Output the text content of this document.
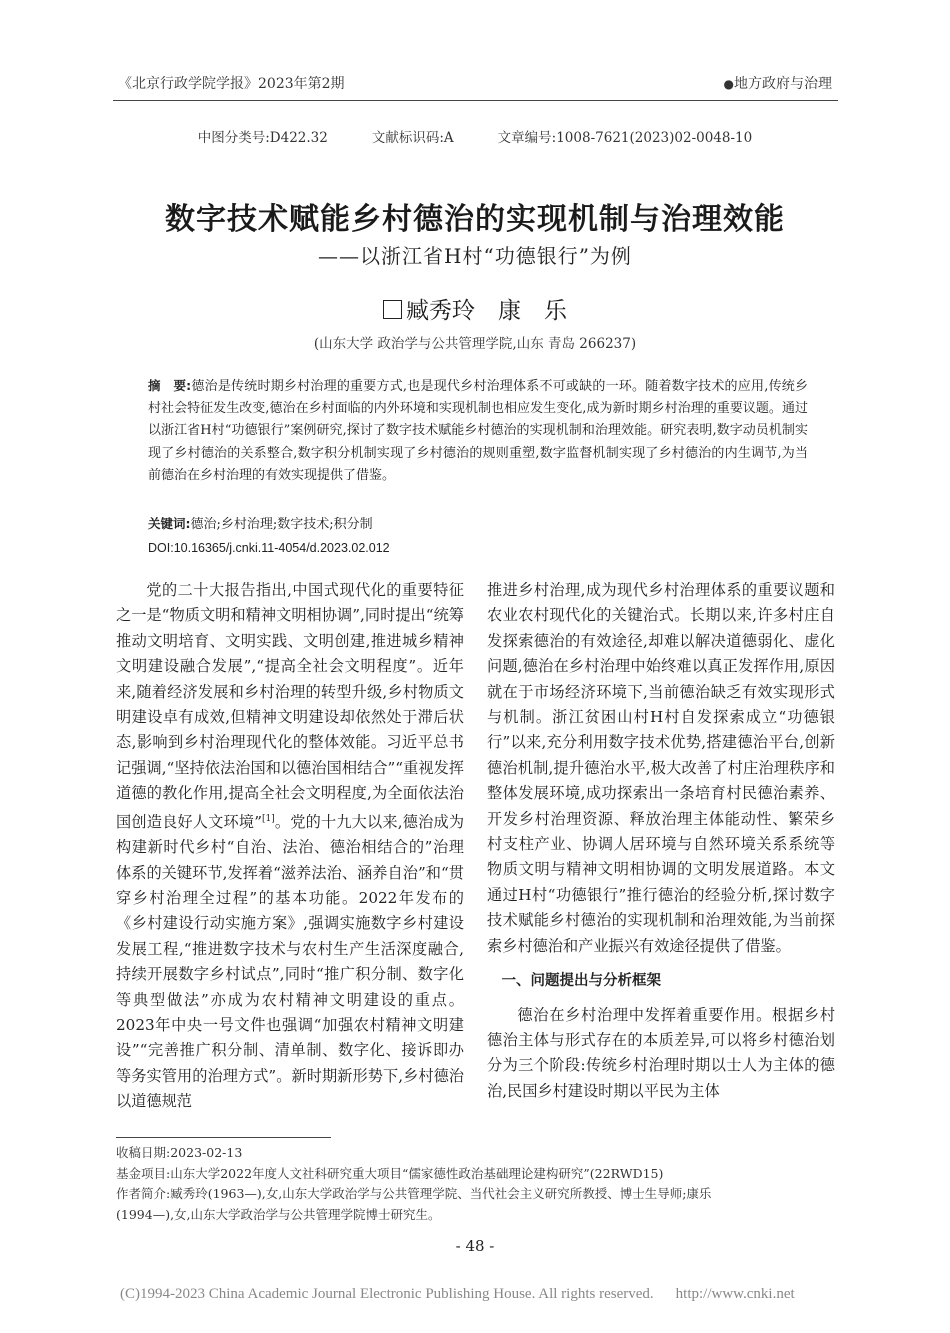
《北京行政学院学报》2023年第2期	●地方政府与治理
中图分类号:D422.32	文献标识码:A	文章编号:1008-7621(2023)02-0048-10
数字技术赋能乡村德治的实现机制与治理效能
——以浙江省H村“功德银行”为例
臧秀玲　康　乐
(山东大学 政治学与公共管理学院,山东 青岛 266237)
摘　要:德治是传统时期乡村治理的重要方式,也是现代乡村治理体系不可或缺的一环。随着数字技术的应用,传统乡村社会特征发生改变,德治在乡村面临的内外环境和实现机制也相应发生变化,成为新时期乡村治理的重要议题。通过以浙江省H村“功德银行”案例研究,探讨了数字技术赋能乡村德治的实现机制和治理效能。研究表明,数字动员机制实现了乡村德治的关系整合,数字积分机制实现了乡村德治的规则重塑,数字监督机制实现了乡村德治的内生调节,为当前德治在乡村治理的有效实现提供了借鉴。
关键词:德治;乡村治理;数字技术;积分制
DOI:10.16365/j.cnki.11-4054/d.2023.02.012

党的二十大报告指出,中国式现代化的重要特征之一是“物质文明和精神文明相协调”,同时提出“统筹推动文明培育、文明实践、文明创建,推进城乡精神文明建设融合发展”,“提高全社会文明程度”。近年来,随着经济发展和乡村治理的转型升级,乡村物质文明建设卓有成效,但精神文明建设却依然处于滞后状态,影响到乡村治理现代化的整体效能。习近平总书记强调,“坚持依法治国和以德治国相结合”“重视发挥道德的教化作用,提高全社会文明程度,为全面依法治国创造良好人文环境”[1]。党的十九大以来,德治成为构建新时代乡村“自治、法治、德治相结合的”治理体系的关键环节,发挥着“滋养法治、涵养自治”和“贯穿乡村治理全过程”的基本功能。2022年发布的《乡村建设行动实施方案》,强调实施数字乡村建设发展工程,“推进数字技术与农村生产生活深度融合,持续开展数字乡村试点”,同时“推广积分制、数字化等典型做法”亦成为农村精神文明建设的重点。2023年中央一号文件也强调“加强农村精神文明建设”“完善推广积分制、清单制、数字化、接诉即办等务实管用的治理方式”。新时期新形势下,乡村德治以道德规范

推进乡村治理,成为现代乡村治理体系的重要议题和农业农村现代化的关键治式。长期以来,许多村庄自发探索德治的有效途径,却难以解决道德弱化、虚化问题,德治在乡村治理中始终难以真正发挥作用,原因就在于市场经济环境下,当前德治缺乏有效实现形式与机制。浙江贫困山村H村自发探索成立“功德银行”以来,充分利用数字技术优势,搭建德治平台,创新德治机制,提升德治水平,极大改善了村庄治理秩序和整体发展环境,成功探索出一条培育村民德治素养、开发乡村治理资源、释放治理主体能动性、繁荣乡村支柱产业、协调人居环境与自然环境关系系统等物质文明与精神文明相协调的文明发展道路。本文通过H村“功德银行”推行德治的经验分析,探讨数字技术赋能乡村德治的实现机制和治理效能,为当前探索乡村德治和产业振兴有效途径提供了借鉴。

一、问题提出与分析框架

德治在乡村治理中发挥着重要作用。根据乡村德治主体与形式存在的本质差异,可以将乡村德治划分为三个阶段:传统乡村治理时期以士人为主体的德治,民国乡村建设时期以平民为主体

收稿日期:2023-02-13
基金项目:山东大学2022年度人文社科研究重大项目“儒家德性政治基础理论建构研究”(22RWD15)
作者简介:臧秀玲(1963—),女,山东大学政治学与公共管理学院、当代社会主义研究所教授、博士生导师;康乐
(1994—),女,山东大学政治学与公共管理学院博士研究生。
- 48 -
(C)1994-2023 China Academic Journal Electronic Publishing House. All rights reserved. http://www.cnki.net
